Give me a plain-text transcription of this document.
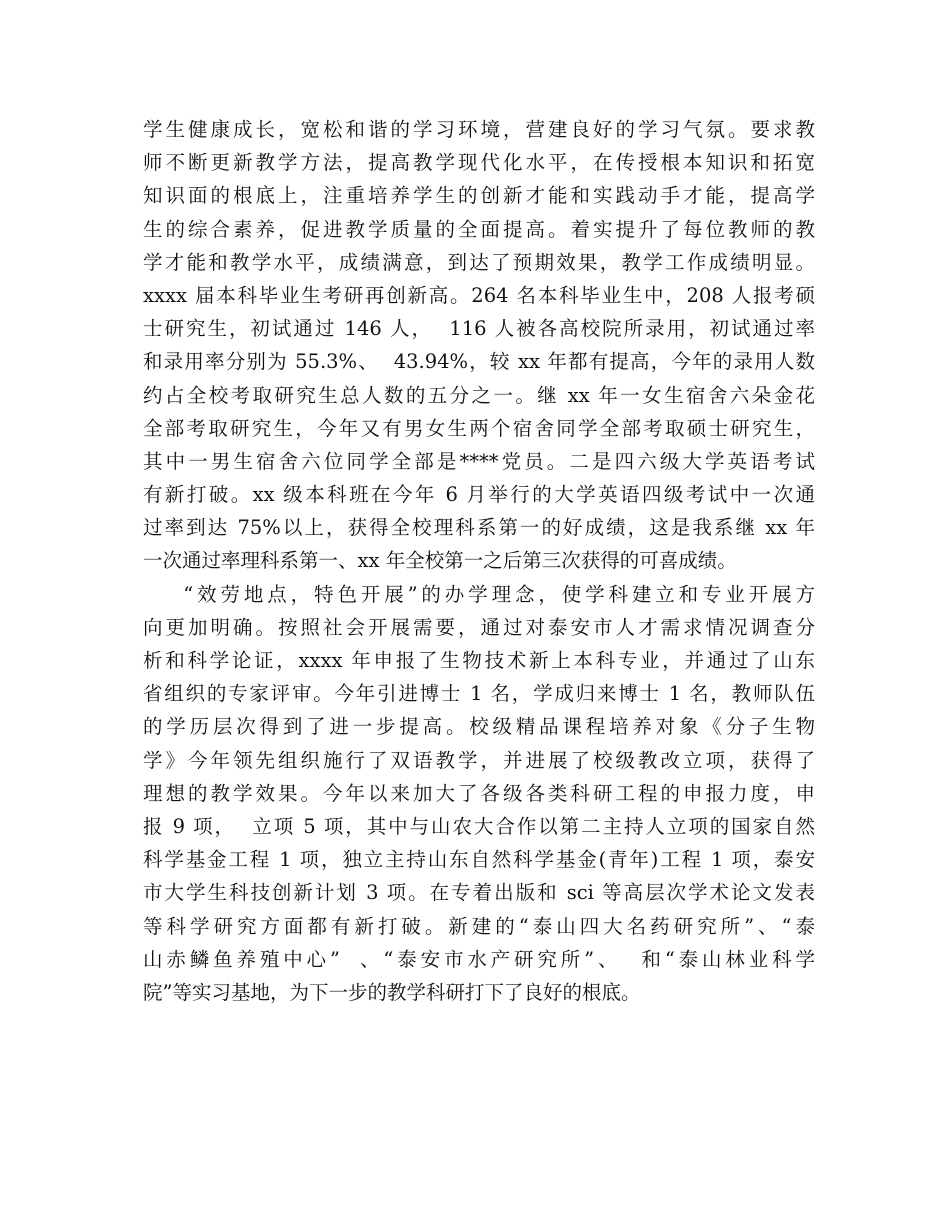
学生健康成长，宽松和谐的学习环境，营建良好的学习气氛。要求教
师不断更新教学方法，提高教学现代化水平，在传授根本知识和拓宽
知识面的根底上，注重培养学生的创新才能和实践动手才能，提高学
生的综合素养，促进教学质量的全面提高。着实提升了每位教师的教
学才能和教学水平，成绩满意，到达了预期效果，教学工作成绩明显。
xxxx 届本科毕业生考研再创新高。264 名本科毕业生中，208 人报考硕
士研究生，初试通过 146 人，  116 人被各高校院所录用，初试通过率
和录用率分别为 55.3%、  43.94%，较 xx 年都有提高，今年的录用人数
约占全校考取研究生总人数的五分之一。继 xx 年一女生宿舍六朵金花
全部考取研究生，今年又有男女生两个宿舍同学全部考取硕士研究生，
其中一男生宿舍六位同学全部是****党员。二是四六级大学英语考试
有新打破。xx 级本科班在今年 6 月举行的大学英语四级考试中一次通
过率到达 75%以上，获得全校理科系第一的好成绩，这是我系继 xx 年
一次通过率理科系第一、xx 年全校第一之后第三次获得的可喜成绩。
“效劳地点，特色开展”的办学理念，使学科建立和专业开展方
向更加明确。按照社会开展需要，通过对泰安市人才需求情况调查分
析和科学论证，xxxx 年申报了生物技术新上本科专业，并通过了山东
省组织的专家评审。今年引进博士 1 名，学成归来博士 1 名，教师队伍
的学历层次得到了进一步提高。校级精品课程培养对象《分子生物
学》今年领先组织施行了双语教学，并进展了校级教改立项，获得了
理想的教学效果。今年以来加大了各级各类科研工程的申报力度，申
报 9 项，  立项 5 项，其中与山农大合作以第二主持人立项的国家自然
科学基金工程 1 项，独立主持山东自然科学基金(青年)工程 1 项，泰安
市大学生科技创新计划 3 项。在专着出版和 sci 等高层次学术论文发表
等科学研究方面都有新打破。新建的“泰山四大名药研究所”、“泰
山赤鳞鱼养殖中心”  、“泰安市水产研究所”、  和“泰山林业科学
院”等实习基地，为下一步的教学科研打下了良好的根底。
